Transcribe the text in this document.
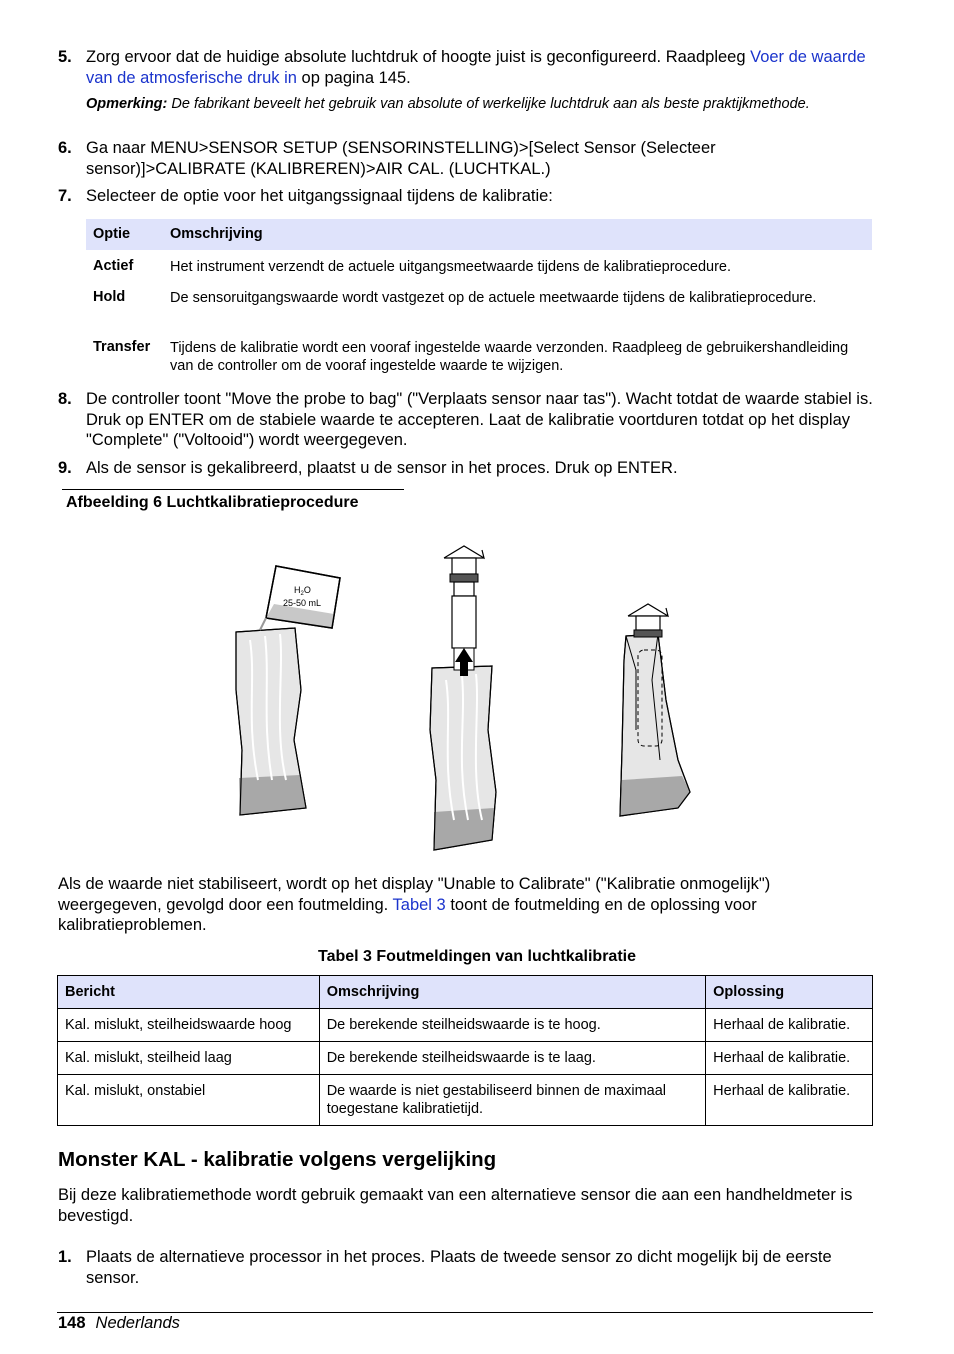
5. Zorg ervoor dat de huidige absolute luchtdruk of hoogte juist is geconfigureerd. Raadpleeg Voer de waarde van de atmosferische druk in op pagina 145.
Opmerking: De fabrikant beveelt het gebruik van absolute of werkelijke luchtdruk aan als beste praktijkmethode.
6. Ga naar MENU>SENSOR SETUP (SENSORINSTELLING)>[Select Sensor (Selecteer sensor)]>CALIBRATE (KALIBREREN)>AIR CAL. (LUCHTKAL.)
7. Selecteer de optie voor het uitgangssignaal tijdens de kalibratie:
Optie	Omschrijving
Actief	Het instrument verzendt de actuele uitgangsmeetwaarde tijdens de kalibratieprocedure.
Hold	De sensoruitgangswaarde wordt vastgezet op de actuele meetwaarde tijdens de kalibratieprocedure.
Transfer Tijdens de kalibratie wordt een vooraf ingestelde waarde verzonden. Raadpleeg de gebruikershandleiding van de controller om de vooraf ingestelde waarde te wijzigen.
8. De controller toont "Move the probe to bag" ("Verplaats sensor naar tas"). Wacht totdat de waarde stabiel is. Druk op ENTER om de stabiele waarde te accepteren. Laat de kalibratie voortduren totdat op het display "Complete" ("Voltooid") wordt weergegeven.
9. Als de sensor is gekalibreerd, plaatst u de sensor in het proces. Druk op ENTER.
Afbeelding 6 Luchtkalibratieprocedure
$H_2O$
25-50 mL
Als de waarde niet stabiliseert, wordt op het display "Unable to Calibrate" ("Kalibratie onmogelijk") weergegeven, gevolgd door een foutmelding. Tabel 3 toont de foutmelding en de oplossing voor kalibratieproblemen.
Tabel 3 Foutmeldingen van luchtkalibratie
Bericht	Omschrijving	Oplossing
Kal. mislukt, steilheidswaarde hoog	De berekende steilheidswaarde is te hoog.	Herhaal de kalibratie.
Kal. mislukt, steilheid laag	De berekende steilheidswaarde is te laag.	Herhaal de kalibratie.
Kal. mislukt, onstabiel	De waarde is niet gestabiliseerd binnen de maximaal toegestane kalibratietijd.	Herhaal de kalibratie.
Monster KAL - kalibratie volgens vergelijking
Bij deze kalibratiemethode wordt gebruik gemaakt van een alternatieve sensor die aan een handheldmeter is bevestigd.
1. Plaats de alternatieve processor in het proces. Plaats de tweede sensor zo dicht mogelijk bij de eerste sensor.
148 Nederlands
